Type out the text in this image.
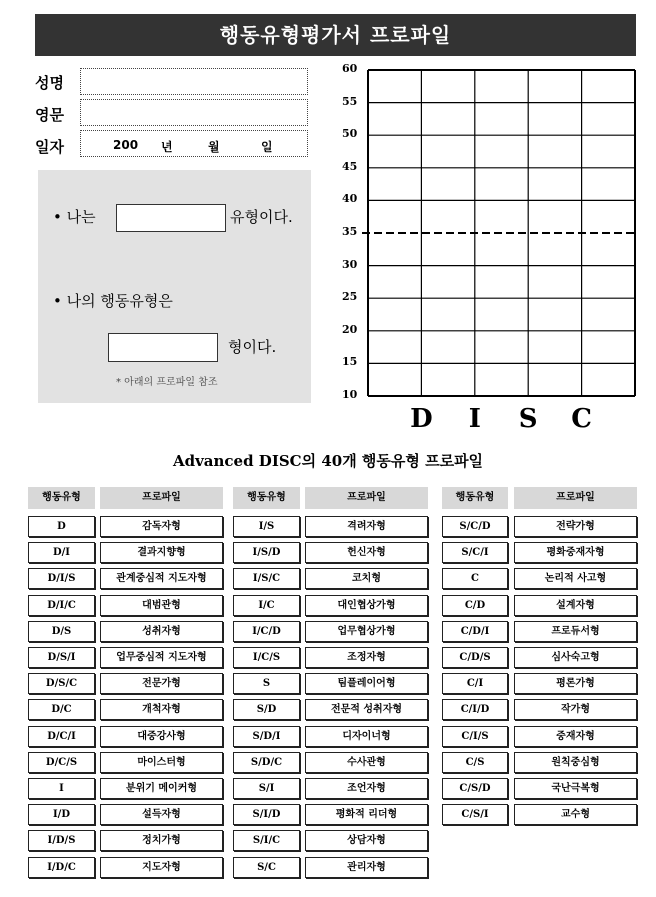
행동유형평가서 프로파일
성명
영문
일자	200 년	월	일
• 나는	유형이다.
• 나의 행동유형은
형이다.
* 아래의 프로파일 참조
60
55
50
45
40
35
30
25
20
15
10
D	I	S	C
Advanced DISC의 40개 행동유형 프로파일
행동유형	프로파일
D	감독자형
D/I	결과지향형
D/I/S	관계중심적 지도자형
D/I/C	대범관형
D/S	성취자형
D/S/I	업무중심적 지도자형
D/S/C	전문가형
D/C	개척자형
D/C/I	대중강사형
D/C/S	마이스터형
I	분위기 메이커형
I/D	설득자형
I/D/S	정치가형
I/D/C	지도자형
행동유형	프로파일
I/S	격려자형
I/S/D	헌신자형
I/S/C	코치형
I/C	대인협상가형
I/C/D	업무협상가형
I/C/S	조정자형
S	팀플레이어형
S/D	전문적 성취자형
S/D/I	디자이너형
S/D/C	수사관형
S/I	조언자형
S/I/D	평화적 리더형
S/I/C	상담자형
S/C	관리자형
행동유형	프로파일
S/C/D	전략가형
S/C/I	평화중재자형
C	논리적 사고형
C/D	설계자형
C/D/I	프로듀서형
C/D/S	심사숙고형
C/I	평론가형
C/I/D	작가형
C/I/S	중재자형
C/S	원칙중심형
C/S/D	국난극복형
C/S/I	교수형
